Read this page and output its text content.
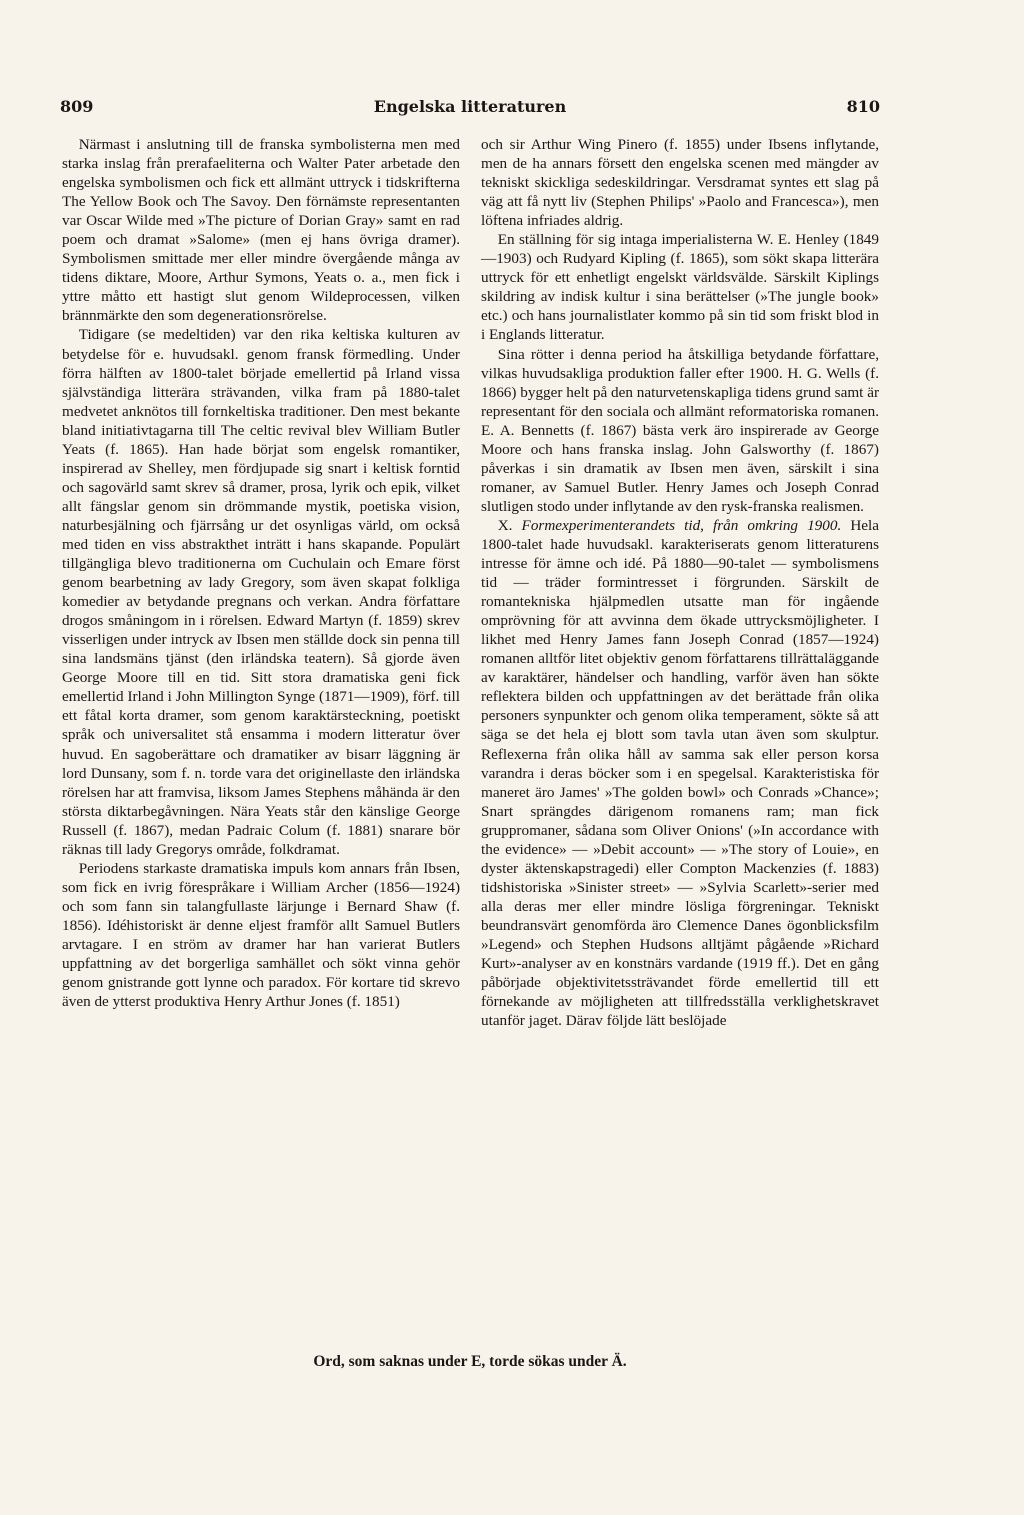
809	Engelska litteraturen	810

Närmast i anslutning till de franska symbolisterna men med starka inslag från prerafaeliterna och Walter Pater arbetade den engelska symbolismen och fick ett allmänt uttryck i tidskrifterna The Yellow Book och The Savoy. Den förnämste representanten var Oscar Wilde med »The picture of Dorian Gray» samt en rad poem och dramat »Salome» (men ej hans övriga dramer). Symbolismen smittade mer eller mindre övergående många av tidens diktare, Moore, Arthur Symons, Yeats o. a., men fick i yttre måtto ett hastigt slut genom Wildeprocessen, vilken brännmärkte den som degenerationsrörelse.

Tidigare (se medeltiden) var den rika keltiska kulturen av betydelse för e. huvudsakl. genom fransk förmedling. Under förra hälften av 1800-talet började emellertid på Irland vissa självständiga litterära strävanden, vilka fram på 1880-talet medvetet anknötos till fornkeltiska traditioner. Den mest bekante bland initiativtagarna till The celtic revival blev William Butler Yeats (f. 1865). Han hade börjat som engelsk romantiker, inspirerad av Shelley, men fördjupade sig snart i keltisk forntid och sagovärld samt skrev så dramer, prosa, lyrik och epik, vilket allt fängslar genom sin drömmande mystik, poetiska vision, naturbesjälning och fjärrsång ur det osynligas värld, om också med tiden en viss abstrakthet inträtt i hans skapande. Populärt tillgängliga blevo traditionerna om Cuchulain och Emare först genom bearbetning av lady Gregory, som även skapat folkliga komedier av betydande pregnans och verkan. Andra författare drogos småningom in i rörelsen. Edward Martyn (f. 1859) skrev visserligen under intryck av Ibsen men ställde dock sin penna till sina landsmäns tjänst (den irländska teatern). Så gjorde även George Moore till en tid. Sitt stora dramatiska geni fick emellertid Irland i John Millington Synge (1871—1909), förf. till ett fåtal korta dramer, som genom karaktärsteckning, poetiskt språk och universalitet stå ensamma i modern litteratur över huvud. En sagoberättare och dramatiker av bisarr läggning är lord Dunsany, som f. n. torde vara det originellaste den irländska rörelsen har att framvisa, liksom James Stephens måhända är den största diktarbegåvningen. Nära Yeats står den känslige George Russell (f. 1867), medan Padraic Colum (f. 1881) snarare bör räknas till lady Gregorys område, folkdramat.

Periodens starkaste dramatiska impuls kom annars från Ibsen, som fick en ivrig förespråkare i William Archer (1856—1924) och som fann sin talangfullaste lärjunge i Bernard Shaw (f. 1856). Idéhistoriskt är denne eljest framför allt Samuel Butlers arvtagare. I en ström av dramer har han varierat Butlers uppfattning av det borgerliga samhället och sökt vinna gehör genom gnistrande gott lynne och paradox. För kortare tid skrevo även de ytterst produktiva Henry Arthur Jones (f. 1851)

och sir Arthur Wing Pinero (f. 1855) under Ibsens inflytande, men de ha annars försett den engelska scenen med mängder av tekniskt skickliga sedeskildringar. Versdramat syntes ett slag på väg att få nytt liv (Stephen Philips' »Paolo and Francesca»), men löftena infriades aldrig.

En ställning för sig intaga imperialisterna W. E. Henley (1849—1903) och Rudyard Kipling (f. 1865), som sökt skapa litterära uttryck för ett enhetligt engelskt världsvälde. Särskilt Kiplings skildring av indisk kultur i sina berättelser (»The jungle book» etc.) och hans journalistlater kommo på sin tid som friskt blod in i Englands litteratur.

Sina rötter i denna period ha åtskilliga betydande författare, vilkas huvudsakliga produktion faller efter 1900. H. G. Wells (f. 1866) bygger helt på den naturvetenskapliga tidens grund samt är representant för den sociala och allmänt reformatoriska romanen. E. A. Bennetts (f. 1867) bästa verk äro inspirerade av George Moore och hans franska inslag. John Galsworthy (f. 1867) påverkas i sin dramatik av Ibsen men även, särskilt i sina romaner, av Samuel Butler. Henry James och Joseph Conrad slutligen stodo under inflytande av den rysk-franska realismen.

X. Formexperimenterandets tid, från omkring 1900. Hela 1800-talet hade huvudsakl. karakteriserats genom litteraturens intresse för ämne och idé. På 1880—90-talet — symbolismens tid — träder formintresset i förgrunden. Särskilt de romantekniska hjälpmedlen utsatte man för ingående omprövning för att avvinna dem ökade uttrycksmöjligheter. I likhet med Henry James fann Joseph Conrad (1857—1924) romanen alltför litet objektiv genom författarens tillrättaläggande av karaktärer, händelser och handling, varför även han sökte reflektera bilden och uppfattningen av det berättade från olika personers synpunkter och genom olika temperament, sökte så att säga se det hela ej blott som tavla utan även som skulptur. Reflexerna från olika håll av samma sak eller person korsa varandra i deras böcker som i en spegelsal. Karakteristiska för maneret äro James' »The golden bowl» och Conrads »Chance»; Snart sprängdes därigenom romanens ram; man fick gruppromaner, sådana som Oliver Onions' (»In accordance with the evidence» — »Debit account» — »The story of Louie», en dyster äktenskapstragedi) eller Compton Mackenzies (f. 1883) tidshistoriska »Sinister street» — »Sylvia Scarlett»-serier med alla deras mer eller mindre lösliga förgreningar. Tekniskt beundransvärt genomförda äro Clemence Danes ögonblicksfilm »Legend» och Stephen Hudsons alltjämt pågående »Richard Kurt»-analyser av en konstnärs vardande (1919 ff.). Det en gång påbörjade objektivitetssträvandet förde emellertid till ett förnekande av möjligheten att tillfredsställa verklighetskravet utanför jaget. Därav följde lätt beslöjade

Ord, som saknas under E, torde sökas under Ä.
